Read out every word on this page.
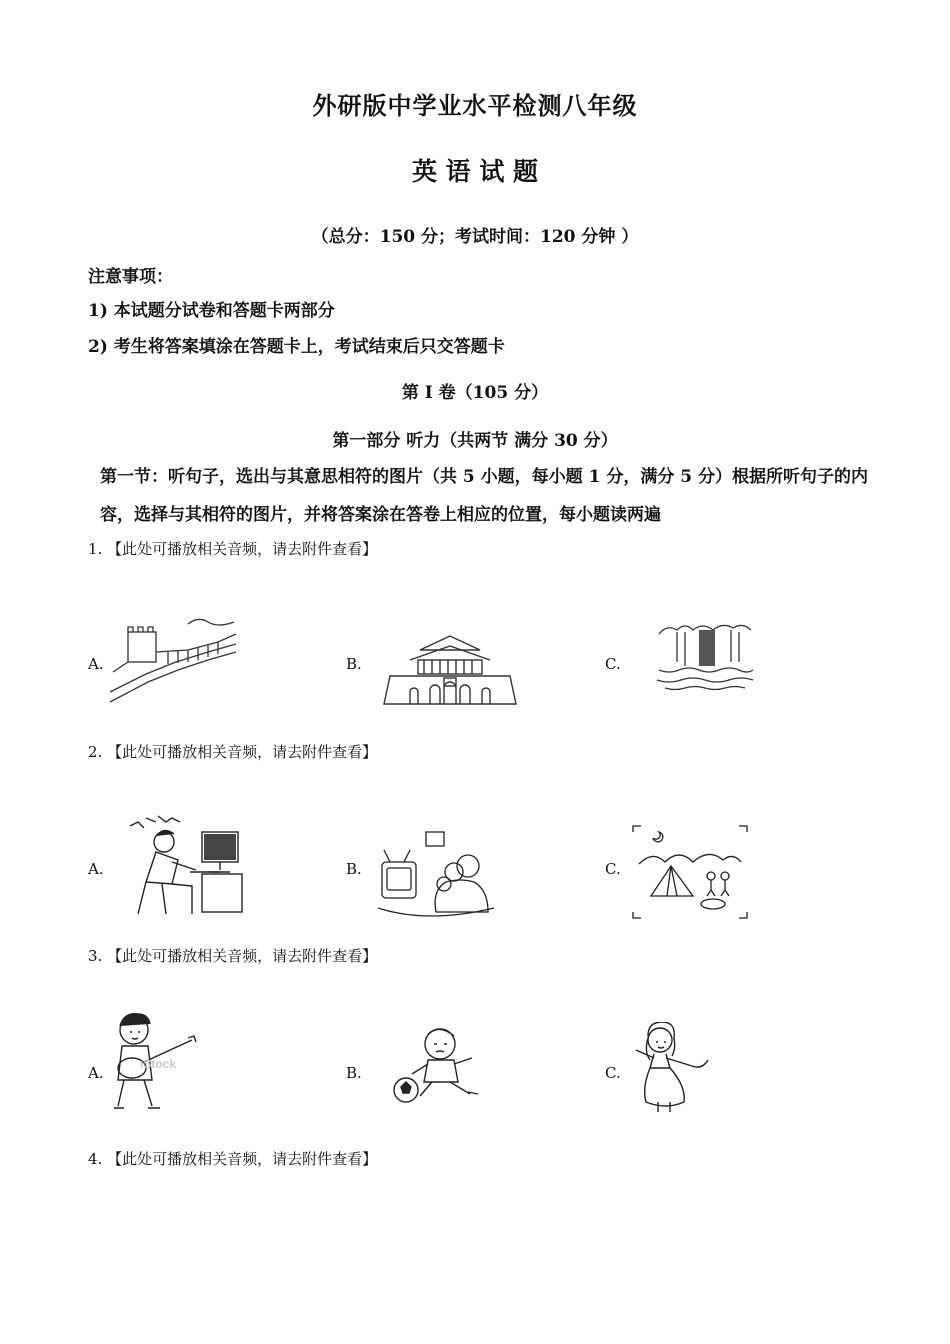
外研版中学业水平检测八年级
英 语 试 题
（总分：150 分；考试时间：120 分钟 ）
注意事项：
1) 本试题分试卷和答题卡两部分
2) 考生将答案填涂在答题卡上，考试结束后只交答题卡
第 I 卷（105 分）
第一部分 听力（共两节 满分 30 分）
第一节：听句子，选出与其意思相符的图片（共 5 小题，每小题 1 分，满分 5 分）根据所听句子的内容，选择与其相符的图片，并将答案涂在答卷上相应的位置，每小题读两遍
1. 【此处可播放相关音频，请去附件查看】
A.	B.	C.
2. 【此处可播放相关音频，请去附件查看】
A.	B.	C.
3. 【此处可播放相关音频，请去附件查看】
A.	B.	C.
iStock
4. 【此处可播放相关音频，请去附件查看】
